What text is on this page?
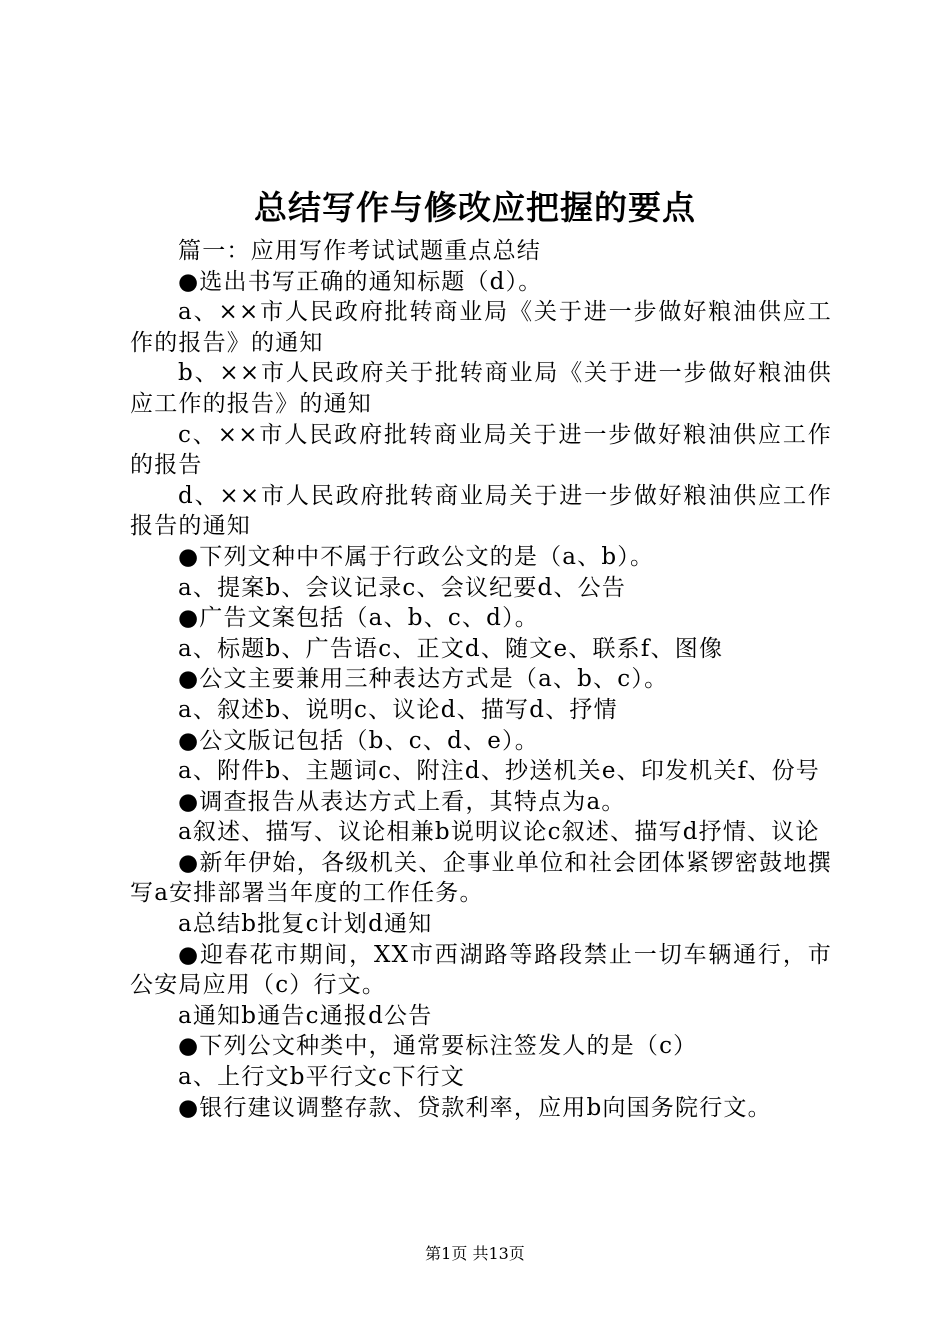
总结写作与修改应把握的要点

篇一：应用写作考试试题重点总结

●选出书写正确的通知标题（d）。

a、××市人民政府批转商业局《关于进一步做好粮油供应工作的报告》的通知

b、××市人民政府关于批转商业局《关于进一步做好粮油供应工作的报告》的通知

c、××市人民政府批转商业局关于进一步做好粮油供应工作的报告

d、××市人民政府批转商业局关于进一步做好粮油供应工作报告的通知

●下列文种中不属于行政公文的是（a、b）。

a、提案b、会议记录c、会议纪要d、公告

●广告文案包括（a、b、c、d）。

a、标题b、广告语c、正文d、随文e、联系f、图像

●公文主要兼用三种表达方式是（a、b、c）。

a、叙述b、说明c、议论d、描写d、抒情

●公文版记包括（b、c、d、e）。

a、附件b、主题词c、附注d、抄送机关e、印发机关f、份号

●调查报告从表达方式上看，其特点为a。

a叙述、描写、议论相兼b说明议论c叙述、描写d抒情、议论

●新年伊始，各级机关、企事业单位和社会团体紧锣密鼓地撰写a安排部署当年度的工作任务。

a总结b批复c计划d通知

●迎春花市期间，XX市西湖路等路段禁止一切车辆通行，市公安局应用（c）行文。

a通知b通告c通报d公告

●下列公文种类中，通常要标注签发人的是（c）

a、上行文b平行文c下行文

●银行建议调整存款、贷款利率，应用b向国务院行文。

第1页 共13页
